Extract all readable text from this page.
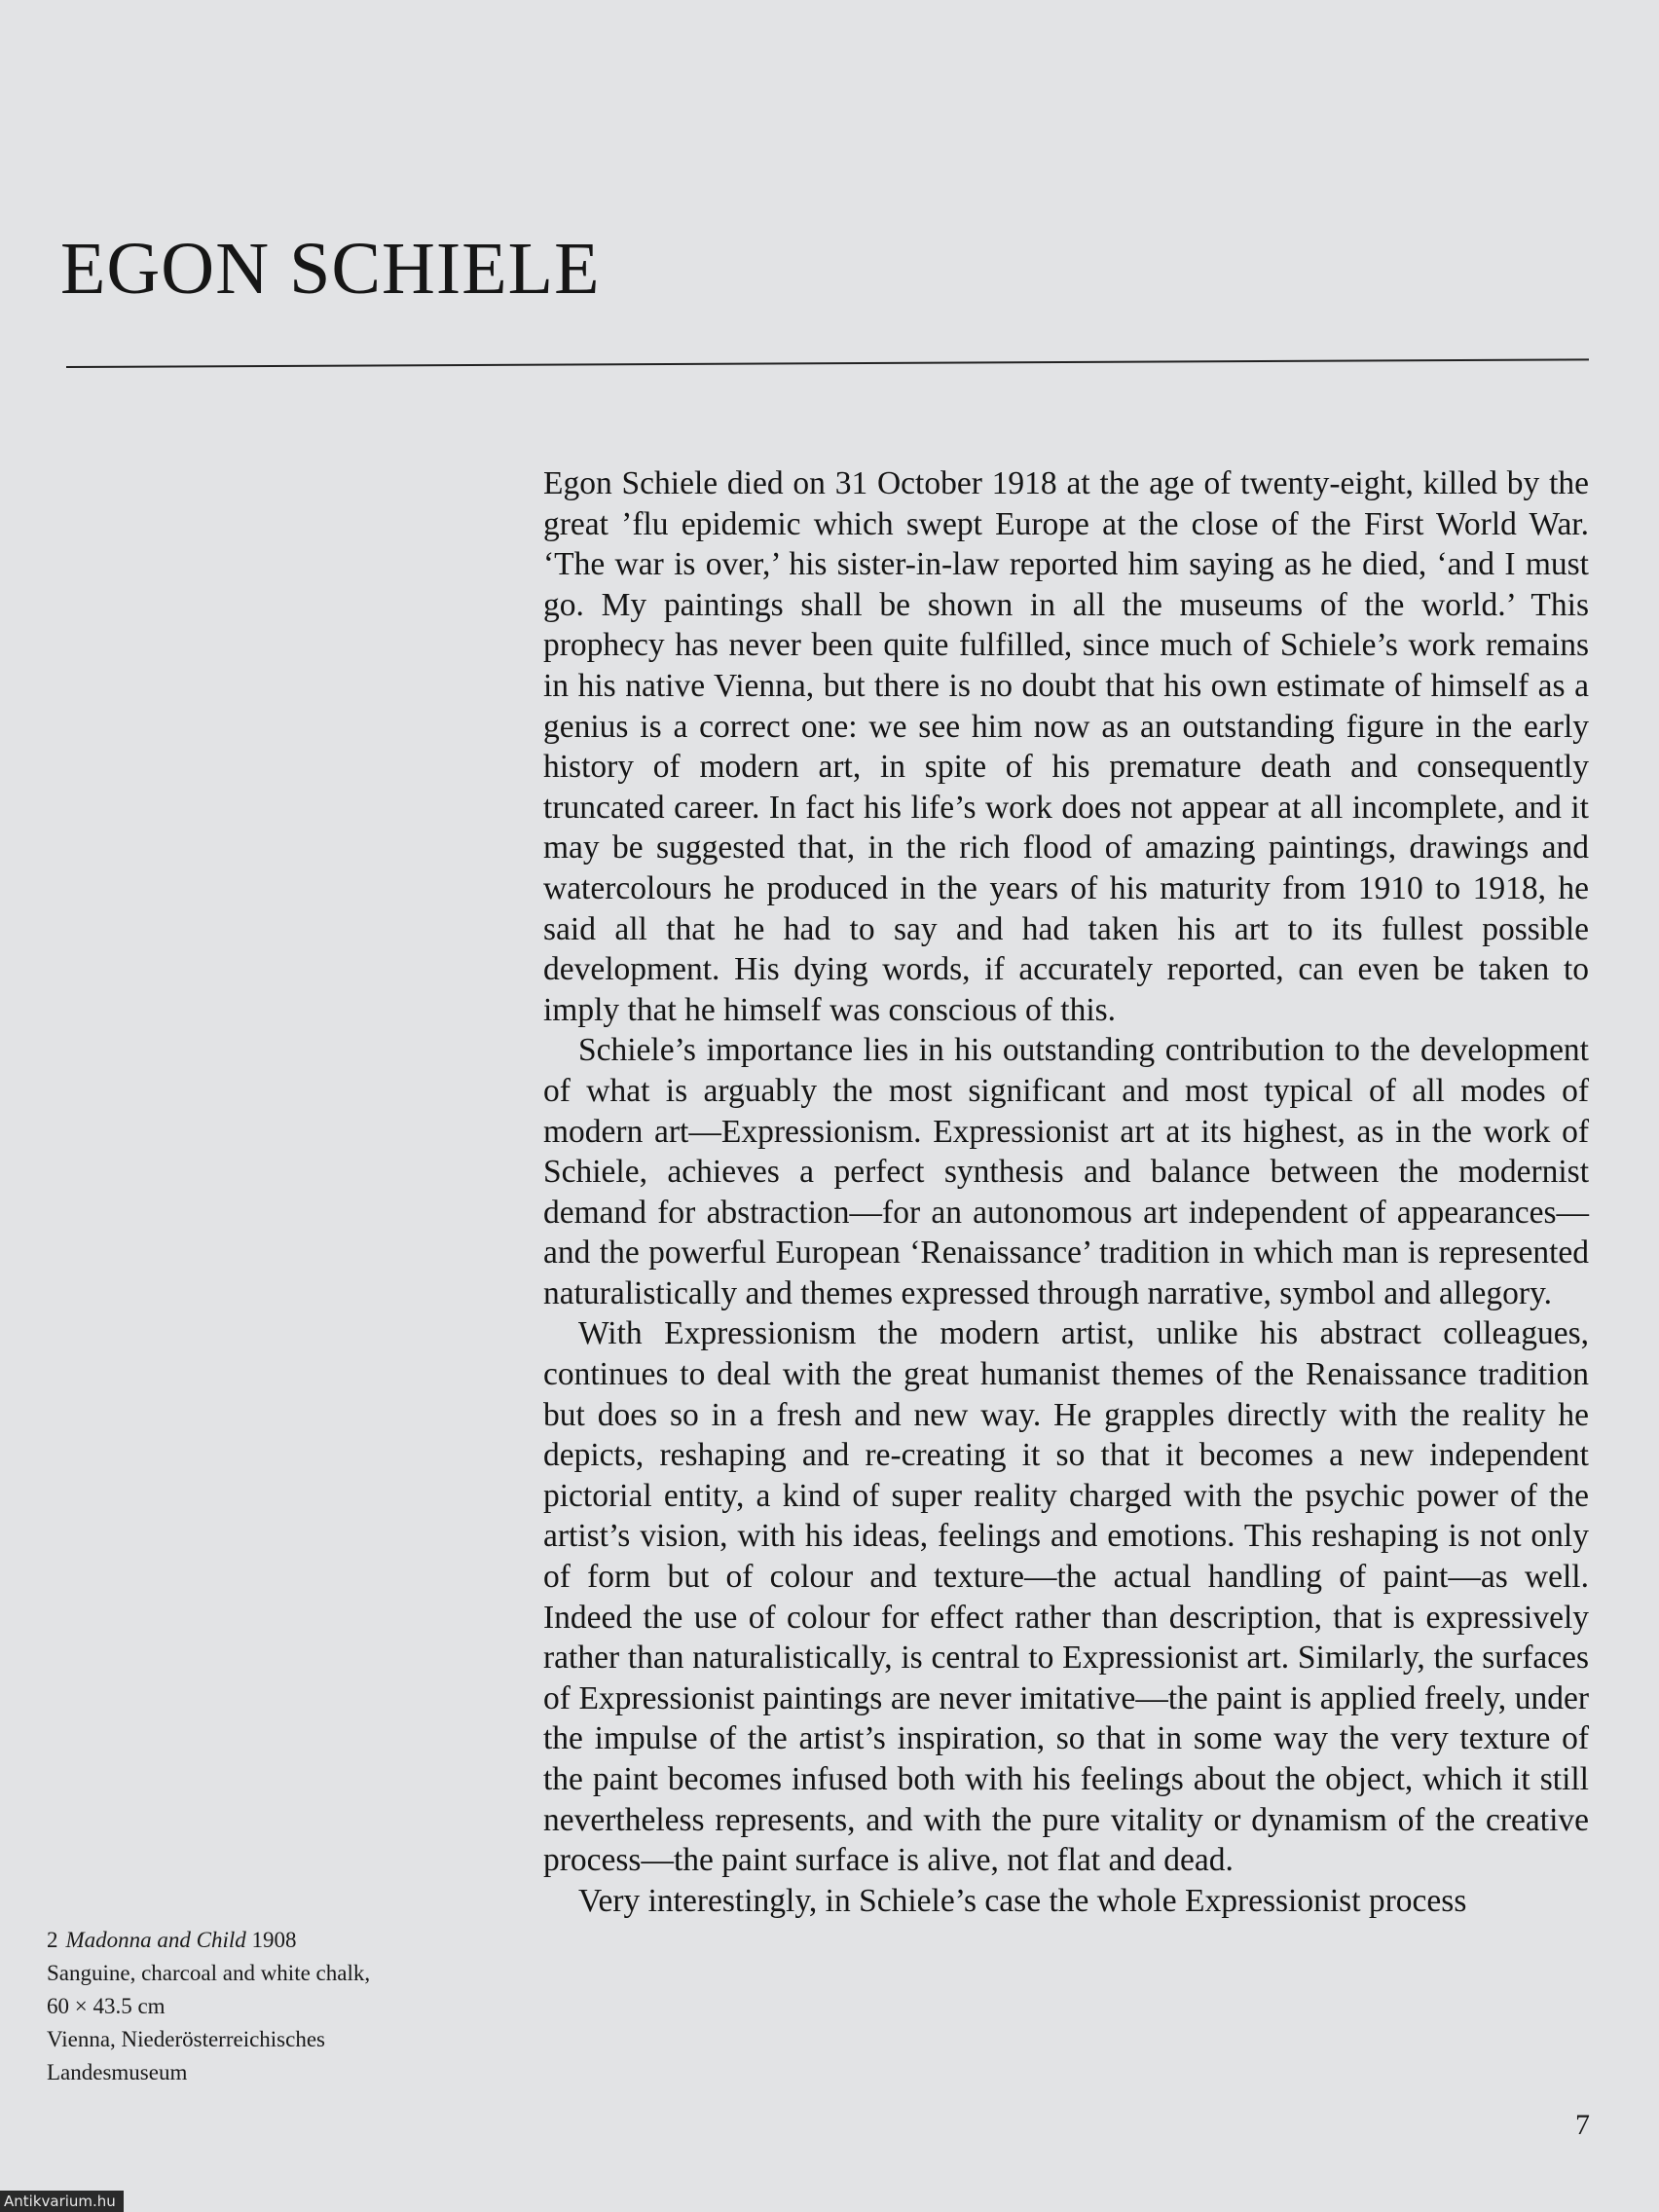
EGON SCHIELE

Egon Schiele died on 31 October 1918 at the age of twenty-eight, killed by the great ’flu epidemic which swept Europe at the close of the First World War. ‘The war is over,’ his sister-in-law reported him saying as he died, ‘and I must go. My paintings shall be shown in all the museums of the world.’ This prophecy has never been quite fulfilled, since much of Schiele’s work remains in his native Vienna, but there is no doubt that his own estimate of himself as a genius is a correct one: we see him now as an outstanding figure in the early history of modern art, in spite of his premature death and consequently truncated career. In fact his life’s work does not appear at all incomplete, and it may be suggested that, in the rich flood of amazing paintings, drawings and watercolours he produced in the years of his maturity from 1910 to 1918, he said all that he had to say and had taken his art to its fullest possible development. His dying words, if accurately reported, can even be taken to imply that he himself was conscious of this.

Schiele’s importance lies in his outstanding contribution to the development of what is arguably the most significant and most typical of all modes of modern art—Expressionism. Expressionist art at its highest, as in the work of Schiele, achieves a perfect synthesis and balance between the modernist demand for abstraction—for an autonomous art independent of appearances—and the powerful European ‘Renaissance’ tradition in which man is represented naturalistically and themes expressed through narrative, symbol and allegory.

With Expressionism the modern artist, unlike his abstract colleagues, continues to deal with the great humanist themes of the Renaissance tradition but does so in a fresh and new way. He grapples directly with the reality he depicts, reshaping and re-creating it so that it becomes a new independent pictorial entity, a kind of super reality charged with the psychic power of the artist’s vision, with his ideas, feelings and emotions. This reshaping is not only of form but of colour and texture—the actual handling of paint—as well. Indeed the use of colour for effect rather than description, that is expressively rather than naturalistically, is central to Expressionist art. Similarly, the surfaces of Expressionist paintings are never imitative—the paint is applied freely, under the impulse of the artist’s inspiration, so that in some way the very texture of the paint becomes infused both with his feelings about the object, which it still nevertheless represents, and with the pure vitality or dynamism of the creative process—the paint surface is alive, not flat and dead.

Very interestingly, in Schiele’s case the whole Expressionist process

2 Madonna and Child 1908
Sanguine, charcoal and white chalk,
60 × 43.5 cm
Vienna, Niederösterreichisches
Landesmuseum
7
Antikvarium.hu
